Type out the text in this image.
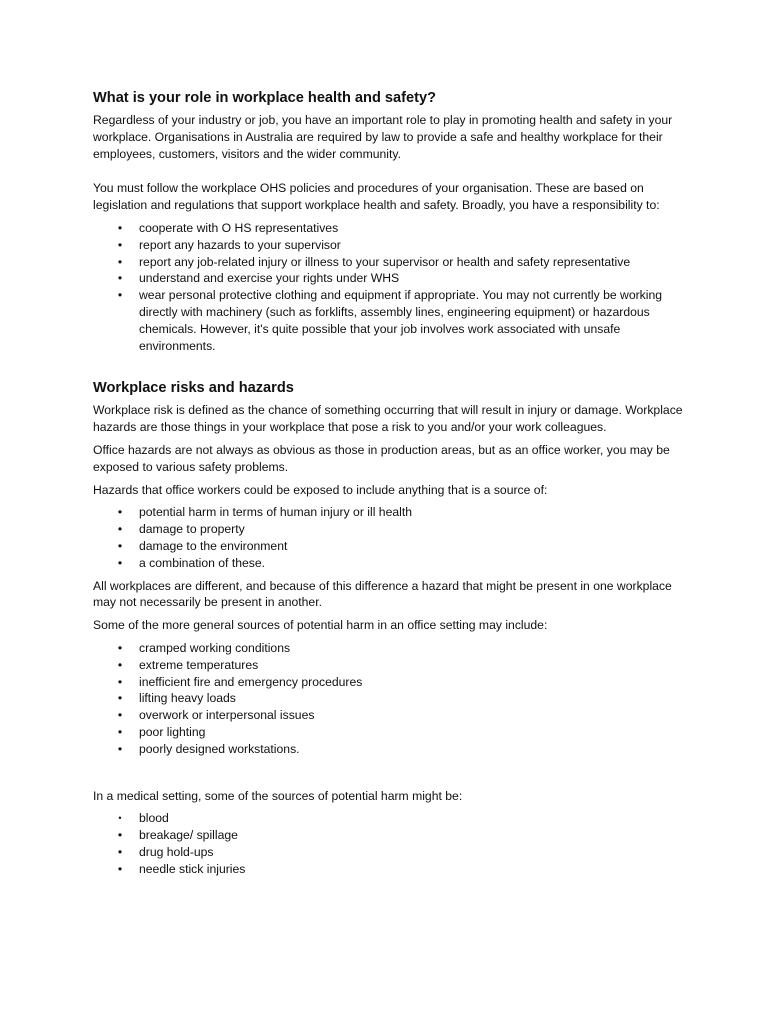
What is your role in workplace health and safety?

Regardless of your industry or job, you have an important role to play in promoting health and safety in your workplace. Organisations in Australia are required by law to provide a safe and healthy workplace for their employees, customers, visitors and the wider community.

You must follow the workplace OHS policies and procedures of your organisation. These are based on legislation and regulations that support workplace health and safety. Broadly, you have a responsibility to:

• cooperate with O HS representatives
• report any hazards to your supervisor
• report any job-related injury or illness to your supervisor or health and safety representative
• understand and exercise your rights under WHS
• wear personal protective clothing and equipment if appropriate. You may not currently be working directly with machinery (such as forklifts, assembly lines, engineering equipment) or hazardous chemicals. However, it's quite possible that your job involves work associated with unsafe environments.
Workplace risks and hazards

Workplace risk is defined as the chance of something occurring that will result in injury or damage. Workplace hazards are those things in your workplace that pose a risk to you and/or your work colleagues.

Office hazards are not always as obvious as those in production areas, but as an office worker, you may be exposed to various safety problems.

Hazards that office workers could be exposed to include anything that is a source of:

• potential harm in terms of human injury or ill health
• damage to property
• damage to the environment
• a combination of these.

All workplaces are different, and because of this difference a hazard that might be present in one workplace may not necessarily be present in another.

Some of the more general sources of potential harm in an office setting may include:

• cramped working conditions
• extreme temperatures
• inefficient fire and emergency procedures
• lifting heavy loads
• overwork or interpersonal issues
• poor lighting
• poorly designed workstations.

In a medical setting, some of the sources of potential harm might be:

• blood
• breakage/ spillage
• drug hold-ups
• needle stick injuries
